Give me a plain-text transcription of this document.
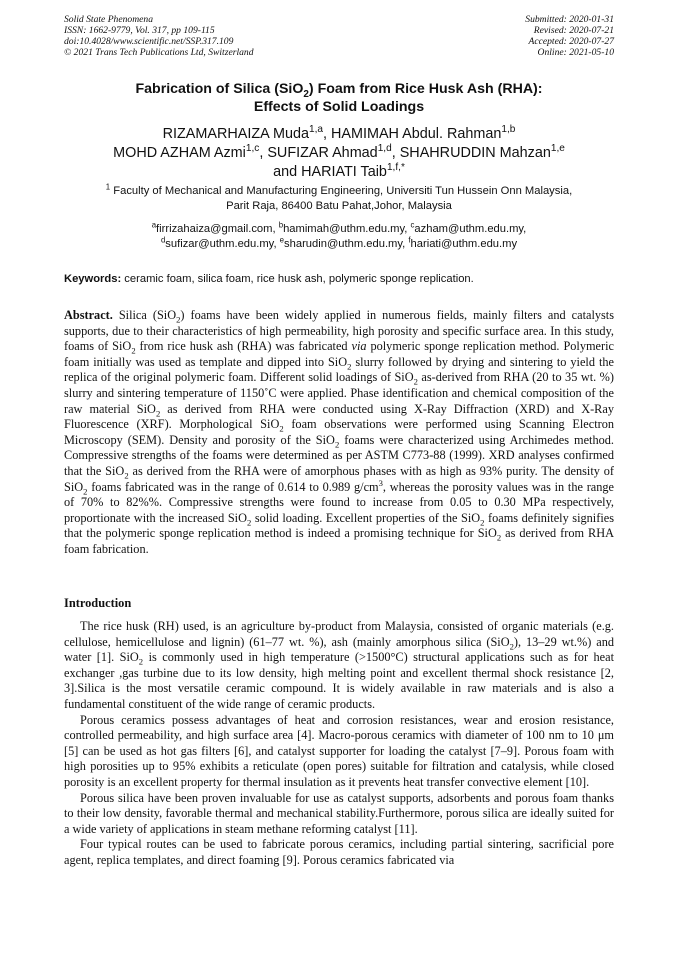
Solid State Phenomena
ISSN: 1662-9779, Vol. 317, pp 109-115
doi:10.4028/www.scientific.net/SSP.317.109
© 2021 Trans Tech Publications Ltd, Switzerland
Submitted: 2020-01-31
Revised: 2020-07-21
Accepted: 2020-07-27
Online: 2021-05-10
Fabrication of Silica (SiO$_2$) Foam from Rice Husk Ash (RHA):
Effects of Solid Loadings
RIZAMARHAIZA Muda$^{1,a}$, HAMIMAH Abdul. Rahman$^{1,b}$
MOHD AZHAM Azmi$^{1,c}$, SUFIZAR Ahmad$^{1,d}$, SHAHRUDDIN Mahzan$^{1,e}$
and HARIATI Taib$^{1,f,*}$
$^1$ Faculty of Mechanical and Manufacturing Engineering, Universiti Tun Hussein Onn Malaysia,
Parit Raja, 86400 Batu Pahat,Johor, Malaysia
$^a$firrizahaiza@gmail.com, $^b$hamimah@uthm.edu.my, $^c$azham@uthm.edu.my,
$^d$sufizar@uthm.edu.my, $^e$sharudin@uthm.edu.my, $^f$hariati@uthm.edu.my
Keywords: ceramic foam, silica foam, rice husk ash, polymeric sponge replication.

Abstract. Silica (SiO$_2$) foams have been widely applied in numerous fields, mainly filters and catalysts supports, due to their characteristics of high permeability, high porosity and specific surface area. In this study, foams of SiO$_2$ from rice husk ash (RHA) was fabricated via polymeric sponge replication method. Polymeric foam initially was used as template and dipped into SiO$_2$ slurry followed by drying and sintering to yield the replica of the original polymeric foam. Different solid loadings of SiO$_2$ as-derived from RHA (20 to 35 wt. %) slurry and sintering temperature of 1150˚C were applied. Phase identification and chemical composition of the raw material SiO$_2$ as derived from RHA were conducted using X-Ray Diffraction (XRD) and X-Ray Fluorescence (XRF). Morphological SiO$_2$ foam observations were performed using Scanning Electron Microscopy (SEM). Density and porosity of the SiO$_2$ foams were characterized using Archimedes method. Compressive strengths of the foams were determined as per ASTM C773-88 (1999). XRD analyses confirmed that the SiO$_2$ as derived from the RHA were of amorphous phases with as high as 93% purity. The density of SiO$_2$ foams fabricated was in the range of 0.614 to 0.989 $g/cm^3$, whereas the porosity values was in the range of 70% to 82%%. Compressive strengths were found to increase from 0.05 to 0.30 MPa respectively, proportionate with the increased SiO$_2$ solid loading. Excellent properties of the SiO$_2$ foams definitely signifies that the polymeric sponge replication method is indeed a promising technique for SiO$_2$ as derived from RHA foam fabrication.

Introduction

The rice husk (RH) used, is an agriculture by-product from Malaysia, consisted of organic materials (e.g. cellulose, hemicellulose and lignin) (61–77 wt. %), ash (mainly amorphous silica (SiO$_2$), 13–29 wt.%) and water [1]. SiO$_2$ is commonly used in high temperature (>1500°C) structural applications such as for heat exchanger ,gas turbine due to its low density, high melting point and excellent thermal shock resistance [2, 3].Silica is the most versatile ceramic compound. It is widely available in raw materials and is also a fundamental constituent of the wide range of ceramic products.

Porous ceramics possess advantages of heat and corrosion resistances, wear and erosion resistance, controlled permeability, and high surface area [4]. Macro-porous ceramics with diameter of 100 nm to 10 μm [5] can be used as hot gas filters [6], and catalyst supporter for loading the catalyst [7–9]. Porous foam with high porosities up to 95% exhibits a reticulate (open pores) suitable for filtration and catalysis, while closed porosity is an excellent property for thermal insulation as it prevents heat transfer convective element [10].

Porous silica have been proven invaluable for use as catalyst supports, adsorbents and porous foam thanks to their low density, favorable thermal and mechanical stability.Furthermore, porous silica are ideally suited for a wide variety of applications in steam methane reforming catalyst [11].

Four typical routes can be used to fabricate porous ceramics, including partial sintering, sacrificial pore agent, replica templates, and direct foaming [9]. Porous ceramics fabricated via
